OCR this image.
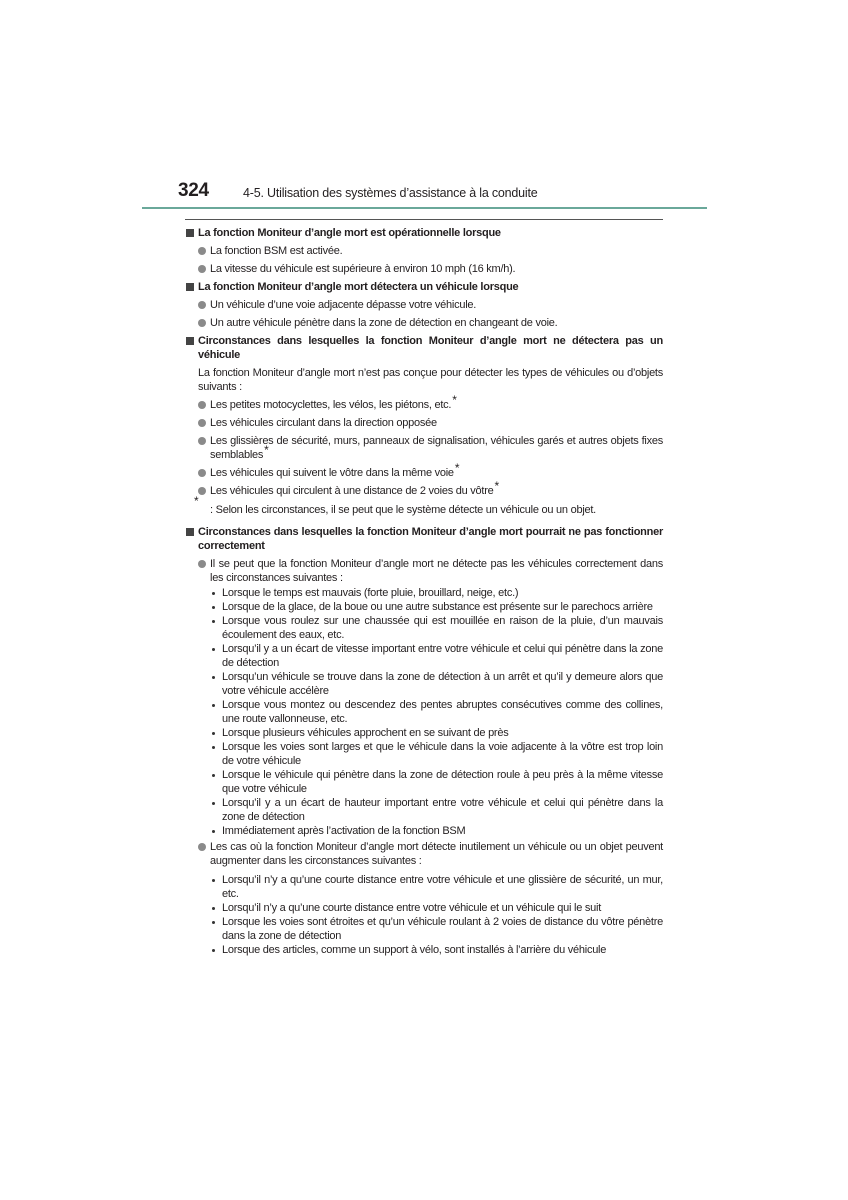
324	4-5. Utilisation des systèmes d’assistance à la conduite
La fonction Moniteur d’angle mort est opérationnelle lorsque
La fonction BSM est activée.
La vitesse du véhicule est supérieure à environ 10 mph (16 km/h).
La fonction Moniteur d’angle mort détectera un véhicule lorsque
Un véhicule d’une voie adjacente dépasse votre véhicule.
Un autre véhicule pénètre dans la zone de détection en changeant de voie.
Circonstances dans lesquelles la fonction Moniteur d’angle mort ne détectera pas un véhicule
La fonction Moniteur d’angle mort n’est pas conçue pour détecter les types de véhicules ou d’objets suivants :
Les petites motocyclettes, les vélos, les piétons, etc.*
Les véhicules circulant dans la direction opposée
Les glissières de sécurité, murs, panneaux de signalisation, véhicules garés et autres objets fixes semblables*
Les véhicules qui suivent le vôtre dans la même voie*
Les véhicules qui circulent à une distance de 2 voies du vôtre*
*
: Selon les circonstances, il se peut que le système détecte un véhicule ou un objet.
Circonstances dans lesquelles la fonction Moniteur d’angle mort pourrait ne pas fonctionner correctement
Il se peut que la fonction Moniteur d’angle mort ne détecte pas les véhicules correctement dans les circonstances suivantes :
Lorsque le temps est mauvais (forte pluie, brouillard, neige, etc.)
Lorsque de la glace, de la boue ou une autre substance est présente sur le parechocs arrière
Lorsque vous roulez sur une chaussée qui est mouillée en raison de la pluie, d’un mauvais écoulement des eaux, etc.
Lorsqu’il y a un écart de vitesse important entre votre véhicule et celui qui pénètre dans la zone de détection
Lorsqu’un véhicule se trouve dans la zone de détection à un arrêt et qu’il y demeure alors que votre véhicule accélère
Lorsque vous montez ou descendez des pentes abruptes consécutives comme des collines, une route vallonneuse, etc.
Lorsque plusieurs véhicules approchent en se suivant de près
Lorsque les voies sont larges et que le véhicule dans la voie adjacente à la vôtre est trop loin de votre véhicule
Lorsque le véhicule qui pénètre dans la zone de détection roule à peu près à la même vitesse que votre véhicule
Lorsqu’il y a un écart de hauteur important entre votre véhicule et celui qui pénètre dans la zone de détection
Immédiatement après l’activation de la fonction BSM
Les cas où la fonction Moniteur d’angle mort détecte inutilement un véhicule ou un objet peuvent augmenter dans les circonstances suivantes :
Lorsqu’il n’y a qu’une courte distance entre votre véhicule et une glissière de sécurité, un mur, etc.
Lorsqu’il n’y a qu’une courte distance entre votre véhicule et un véhicule qui le suit
Lorsque les voies sont étroites et qu’un véhicule roulant à 2 voies de distance du vôtre pénètre dans la zone de détection
Lorsque des articles, comme un support à vélo, sont installés à l’arrière du véhicule
